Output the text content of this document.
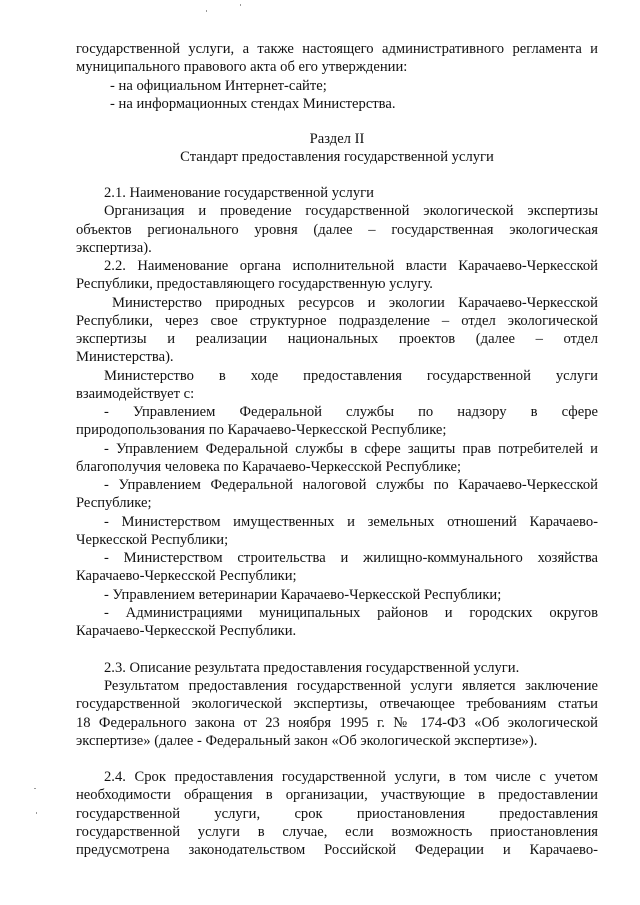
государственной услуги, а также настоящего административного регламента и
муниципального правового акта об его утверждении:
- на официальном Интернет-сайте;
- на информационных стендах Министерства.
Раздел II
Стандарт предоставления государственной услуги
2.1. Наименование государственной услуги
Организация и проведение государственной экологической экспертизы
объектов регионального уровня (далее – государственная экологическая
экспертиза).
2.2. Наименование органа исполнительной власти Карачаево-Черкесской
Республики, предоставляющего государственную услугу.
Министерство природных ресурсов и экологии Карачаево-Черкесской
Республики, через свое структурное подразделение – отдел экологической
экспертизы и реализации национальных проектов (далее – отдел
Министерства).
Министерство в ходе предоставления государственной услуги
взаимодействует с:
- Управлением Федеральной службы по надзору в сфере
природопользования по Карачаево-Черкесской Республике;
- Управлением Федеральной службы в сфере защиты прав потребителей и
благополучия человека по Карачаево-Черкесской Республике;
- Управлением Федеральной налоговой службы по Карачаево-Черкесской
Республике;
- Министерством имущественных и земельных отношений Карачаево-
Черкесской Республики;
- Министерством строительства и жилищно-коммунального хозяйства
Карачаево-Черкесской Республики;
- Управлением ветеринарии Карачаево-Черкесской Республики;
- Администрациями муниципальных районов и городских округов
Карачаево-Черкесской Республики.
2.3. Описание результата предоставления государственной услуги.
Результатом предоставления государственной услуги является заключение
государственной экологической экспертизы, отвечающее требованиям статьи
18 Федерального закона от 23 ноября 1995 г. № 174-ФЗ «Об экологической
экспертизе» (далее - Федеральный закон «Об экологической экспертизе»).
2.4. Срок предоставления государственной услуги, в том числе с учетом
необходимости обращения в организации, участвующие в предоставлении
государственной услуги, срок приостановления предоставления
государственной услуги в случае, если возможность приостановления
предусмотрена законодательством Российской Федерации и Карачаево-
